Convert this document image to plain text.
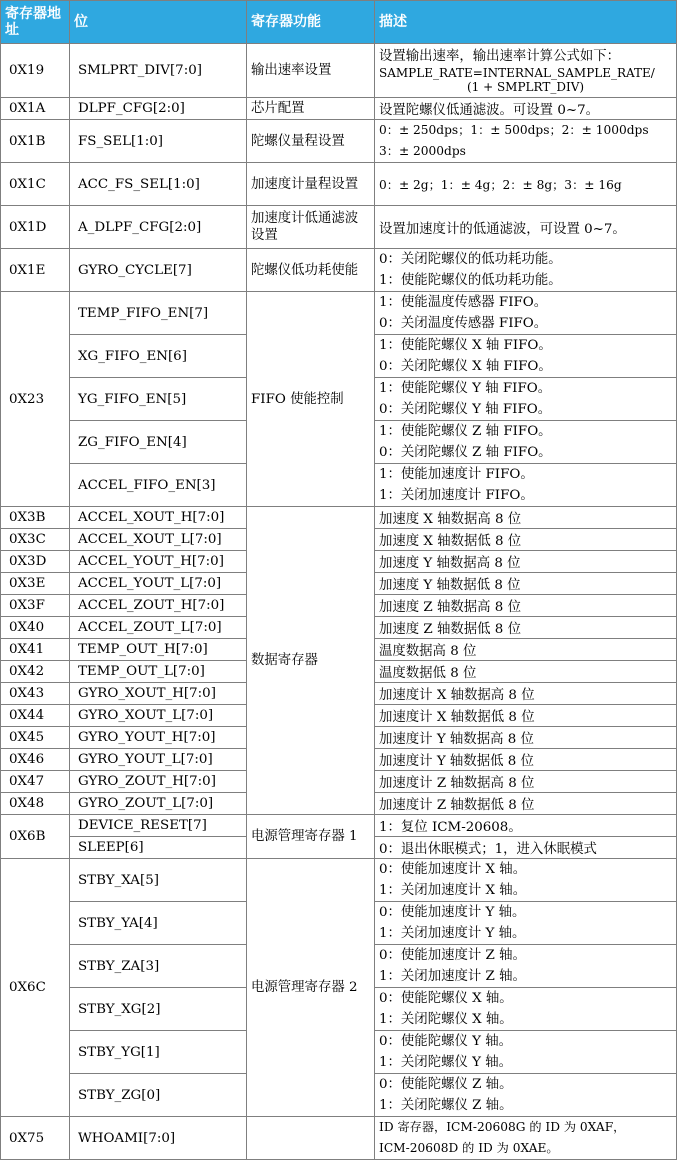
寄存器地址	位	寄存器功能	描述
0X19	SMLPRT_DIV[7:0]	输出速率设置	设置输出速率，输出速率计算公式如下：
SAMPLE_RATE=INTERNAL_SAMPLE_RATE/
(1 + SMPLRT_DIV)

0X1A	DLPF_CFG[2:0]	芯片配置	设置陀螺仪低通滤波。可设置 0~7。
0X1B	FS_SEL[1:0]	陀螺仪量程设置	0：± 250dps；1：± 500dps；2：± 1000dps
3：± 2000dps

0X1C	ACC_FS_SEL[1:0]	加速度计量程设置	0：± 2g；1：± 4g；2：± 8g；3：± 16g
0X1D	A_DLPF_CFG[2:0]	加速度计低通滤波设置	设置加速度计的低通滤波，可设置 0~7。
0X1E	GYRO_CYCLE[7]	陀螺仪低功耗使能	0：关闭陀螺仪的低功耗功能。
1：使能陀螺仪的低功耗功能。

0X23	TEMP_FIFO_EN[7]	FIFO 使能控制	1：使能温度传感器 FIFO。
0：关闭温度传感器 FIFO。

	XG_FIFO_EN[6]		1：使能陀螺仪 X 轴 FIFO。
0：关闭陀螺仪 X 轴 FIFO。

	YG_FIFO_EN[5]		1：使能陀螺仪 Y 轴 FIFO。
0：关闭陀螺仪 Y 轴 FIFO。

	ZG_FIFO_EN[4]		1：使能陀螺仪 Z 轴 FIFO。
0：关闭陀螺仪 Z 轴 FIFO。

	ACCEL_FIFO_EN[3]		1：使能加速度计 FIFO。
1：关闭加速度计 FIFO。

0X3B	ACCEL_XOUT_H[7:0]	数据寄存器	加速度 X 轴数据高 8 位
0X3C	ACCEL_XOUT_L[7:0]		加速度 X 轴数据低 8 位
0X3D	ACCEL_YOUT_H[7:0]		加速度 Y 轴数据高 8 位
0X3E	ACCEL_YOUT_L[7:0]		加速度 Y 轴数据低 8 位
0X3F	ACCEL_ZOUT_H[7:0]		加速度 Z 轴数据高 8 位
0X40	ACCEL_ZOUT_L[7:0]		加速度 Z 轴数据低 8 位
0X41	TEMP_OUT_H[7:0]		温度数据高 8 位
0X42	TEMP_OUT_L[7:0]		温度数据低 8 位
0X43	GYRO_XOUT_H[7:0]		加速度计 X 轴数据高 8 位
0X44	GYRO_XOUT_L[7:0]		加速度计 X 轴数据低 8 位
0X45	GYRO_YOUT_H[7:0]		加速度计 Y 轴数据高 8 位
0X46	GYRO_YOUT_L[7:0]		加速度计 Y 轴数据低 8 位
0X47	GYRO_ZOUT_H[7:0]		加速度计 Z 轴数据高 8 位
0X48	GYRO_ZOUT_L[7:0]		加速度计 Z 轴数据低 8 位
0X6B	DEVICE_RESET[7]	电源管理寄存器 1	1：复位 ICM-20608。
	SLEEP[6]		0：退出休眠模式；1，进入休眠模式
0X6C	STBY_XA[5]	电源管理寄存器 2	0：使能加速度计 X 轴。
1：关闭加速度计 X 轴。

	STBY_YA[4]		0：使能加速度计 Y 轴。
1：关闭加速度计 Y 轴。

	STBY_ZA[3]		0：使能加速度计 Z 轴。
1：关闭加速度计 Z 轴。

	STBY_XG[2]		0：使能陀螺仪 X 轴。
1：关闭陀螺仪 X 轴。

	STBY_YG[1]		0：使能陀螺仪 Y 轴。
1：关闭陀螺仪 Y 轴。

	STBY_ZG[0]		0：使能陀螺仪 Z 轴。
1：关闭陀螺仪 Z 轴。

0X75	WHOAMI[7:0]		ID 寄存器，ICM-20608G 的 ID 为 0XAF，
ICM-20608D 的 ID 为 0XAE。
